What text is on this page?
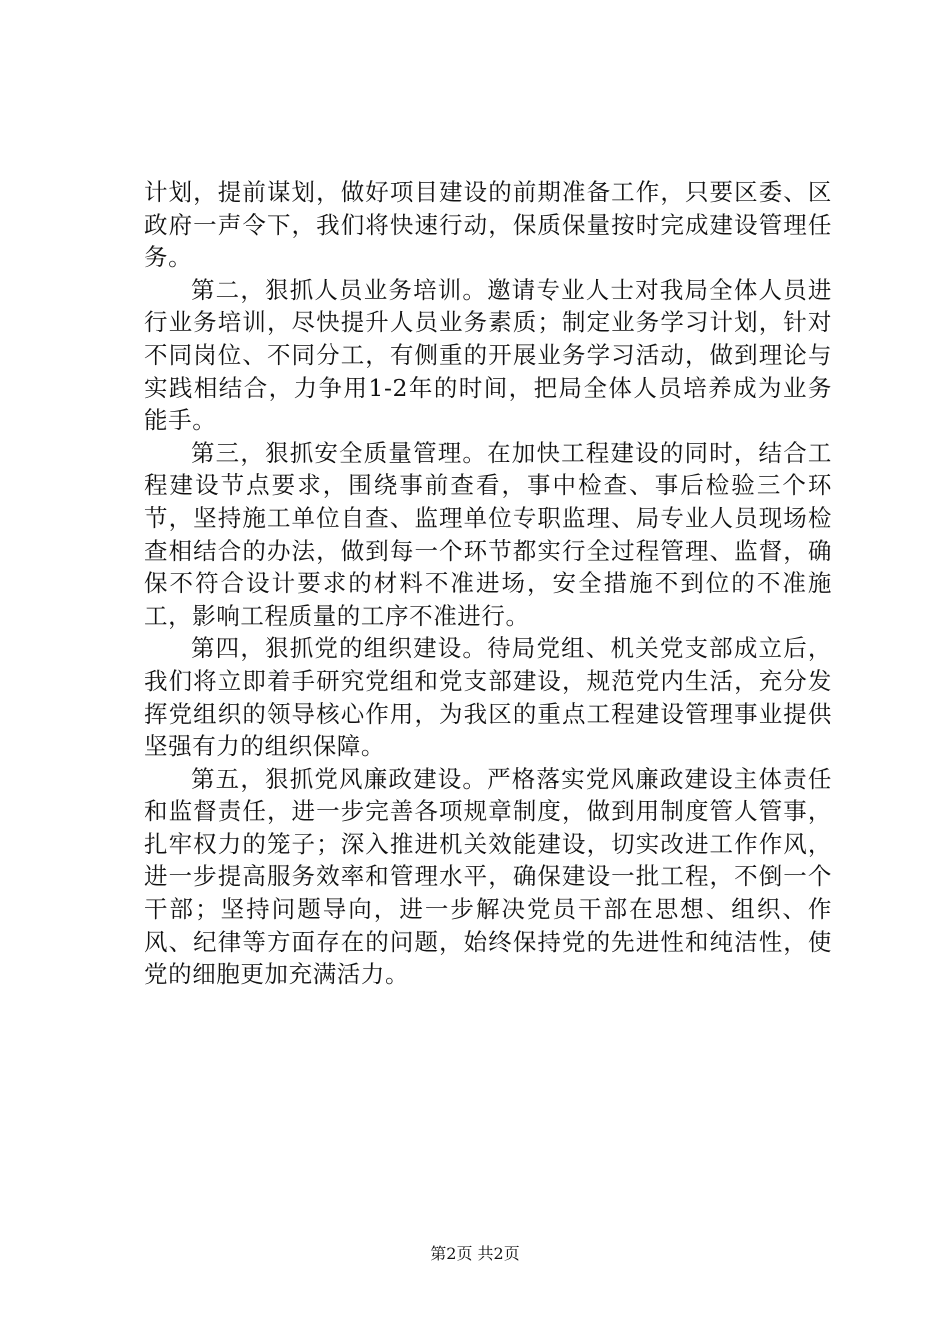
计划，提前谋划，做好项目建设的前期准备工作，只要区委、区政府一声令下，我们将快速行动，保质保量按时完成建设管理任务。

第二，狠抓人员业务培训。邀请专业人士对我局全体人员进行业务培训，尽快提升人员业务素质；制定业务学习计划，针对不同岗位、不同分工，有侧重的开展业务学习活动，做到理论与实践相结合，力争用1-2年的时间，把局全体人员培养成为业务能手。

第三，狠抓安全质量管理。在加快工程建设的同时，结合工程建设节点要求，围绕事前查看，事中检查、事后检验三个环节，坚持施工单位自查、监理单位专职监理、局专业人员现场检查相结合的办法，做到每一个环节都实行全过程管理、监督，确保不符合设计要求的材料不准进场，安全措施不到位的不准施工，影响工程质量的工序不准进行。

第四，狠抓党的组织建设。待局党组、机关党支部成立后，我们将立即着手研究党组和党支部建设，规范党内生活，充分发挥党组织的领导核心作用，为我区的重点工程建设管理事业提供坚强有力的组织保障。

第五，狠抓党风廉政建设。严格落实党风廉政建设主体责任和监督责任，进一步完善各项规章制度，做到用制度管人管事，扎牢权力的笼子；深入推进机关效能建设，切实改进工作作风，进一步提高服务效率和管理水平，确保建设一批工程，不倒一个干部；坚持问题导向，进一步解决党员干部在思想、组织、作风、纪律等方面存在的问题，始终保持党的先进性和纯洁性，使党的细胞更加充满活力。

第2页 共2页
